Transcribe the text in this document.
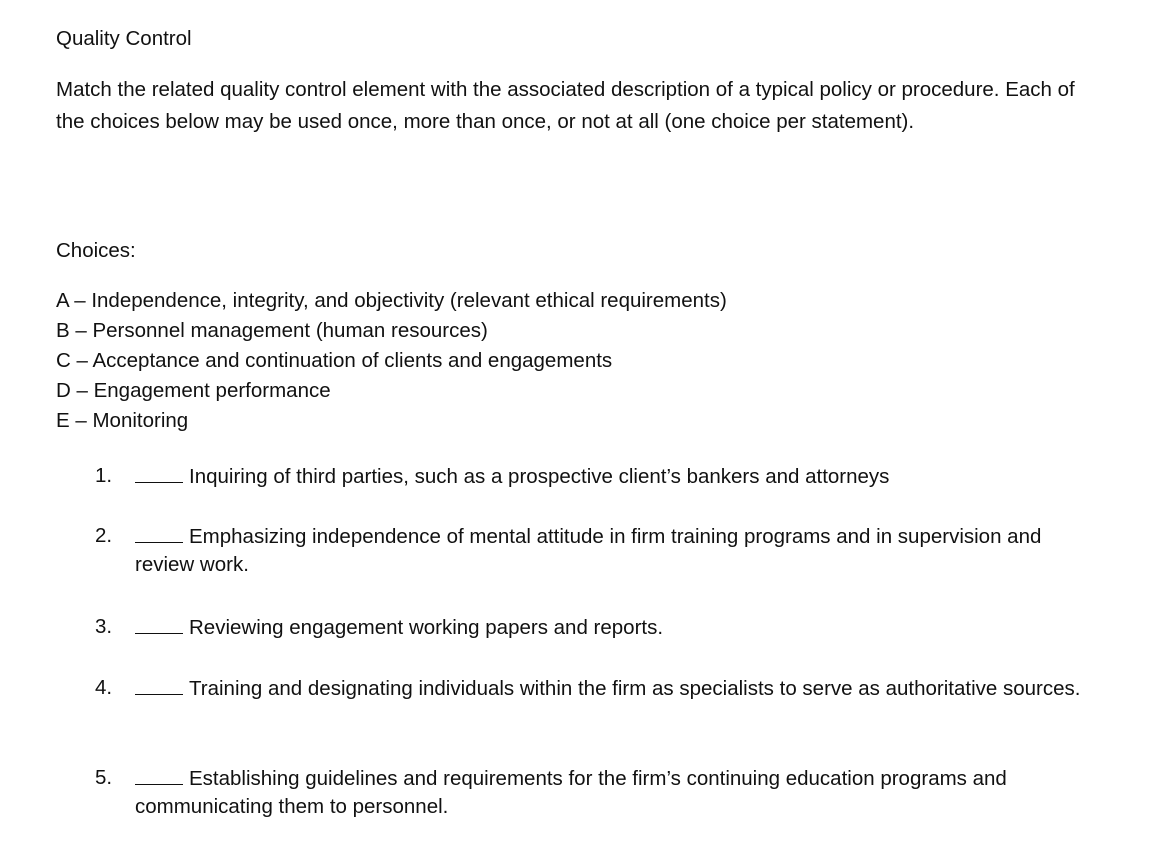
Quality Control
Match the related quality control element with the associated description of a typical policy or procedure. Each of the choices below may be used once, more than once, or not at all (one choice per statement).
Choices:
A – Independence, integrity, and objectivity (relevant ethical requirements)
B – Personnel management (human resources)
C – Acceptance and continuation of clients and engagements
D – Engagement performance
E – Monitoring
1.	Inquiring of third parties, such as a prospective client’s bankers and attorneys
2.	Emphasizing independence of mental attitude in firm training programs and in supervision and review work.
3.	Reviewing engagement working papers and reports.
4.	Training and designating individuals within the firm as specialists to serve as authoritative sources.
5.	Establishing guidelines and requirements for the firm’s continuing education programs and communicating them to personnel.
